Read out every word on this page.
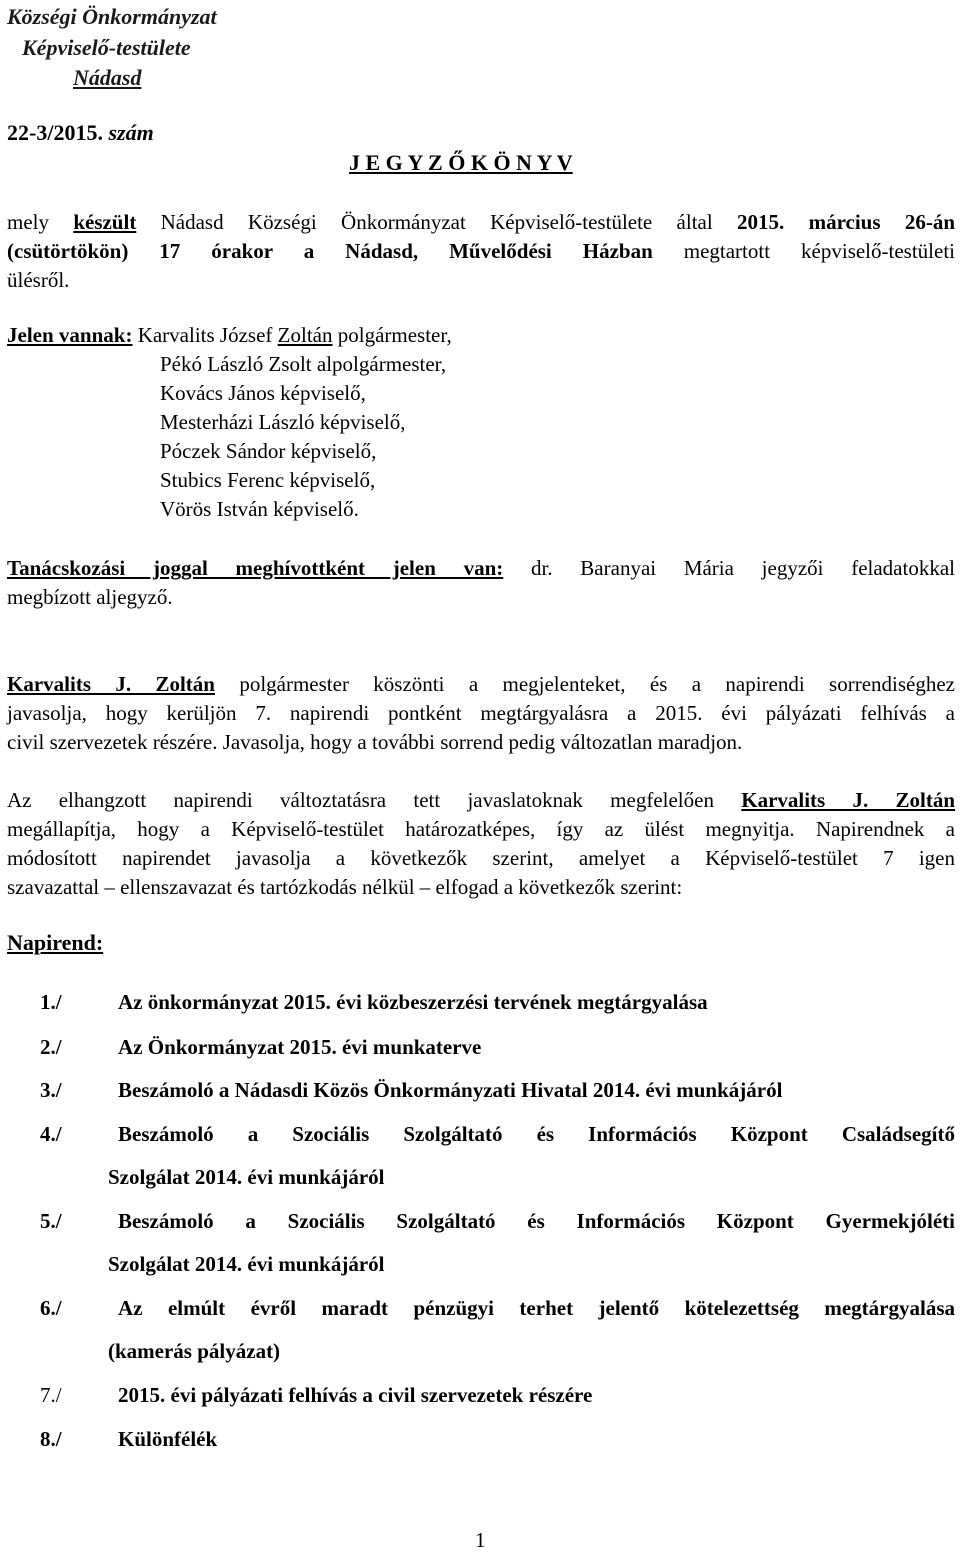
Községi Önkormányzat
Képviselő-testülete
Nádasd
22-3/2015. szám
J E G Y Z Ő K Ö N Y V
mely készült Nádasd Községi Önkormányzat Képviselő-testülete által 2015. március 26-án
(csütörtökön) 17 órakor a Nádasd, Művelődési Házban megtartott képviselő-testületi
ülésről.
Jelen vannak: Karvalits József Zoltán polgármester,
Pékó László Zsolt alpolgármester,
Kovács János képviselő,
Mesterházi László képviselő,
Póczek Sándor képviselő,
Stubics Ferenc képviselő,
Vörös István képviselő.
Tanácskozási joggal meghívottként jelen van: dr. Baranyai Mária jegyzői feladatokkal
megbízott aljegyző.
Karvalits J. Zoltán polgármester köszönti a megjelenteket, és a napirendi sorrendiséghez
javasolja, hogy kerüljön 7. napirendi pontként megtárgyalásra a 2015. évi pályázati felhívás a
civil szervezetek részére. Javasolja, hogy a további sorrend pedig változatlan maradjon.
Az elhangzott napirendi változtatásra tett javaslatoknak megfelelően Karvalits J. Zoltán
megállapítja, hogy a Képviselő-testület határozatképes, így az ülést megnyitja. Napirendnek a
módosított napirendet javasolja a következők szerint, amelyet a Képviselő-testület 7 igen
szavazattal – ellenszavazat és tartózkodás nélkül – elfogad a következők szerint:
Napirend:
1./	Az önkormányzat 2015. évi közbeszerzési tervének megtárgyalása
2./	Az Önkormányzat 2015. évi munkaterve
3./	Beszámoló a Nádasdi Közös Önkormányzati Hivatal 2014. évi munkájáról
4./	Beszámoló a Szociális Szolgáltató és Információs Központ Családsegítő
Szolgálat 2014. évi munkájáról
5./	Beszámoló a Szociális Szolgáltató és Információs Központ Gyermekjóléti
Szolgálat 2014. évi munkájáról
6./	Az elmúlt évről maradt pénzügyi terhet jelentő kötelezettség megtárgyalása
(kamerás pályázat)
7./	2015. évi pályázati felhívás a civil szervezetek részére
8./	Különfélék
1
